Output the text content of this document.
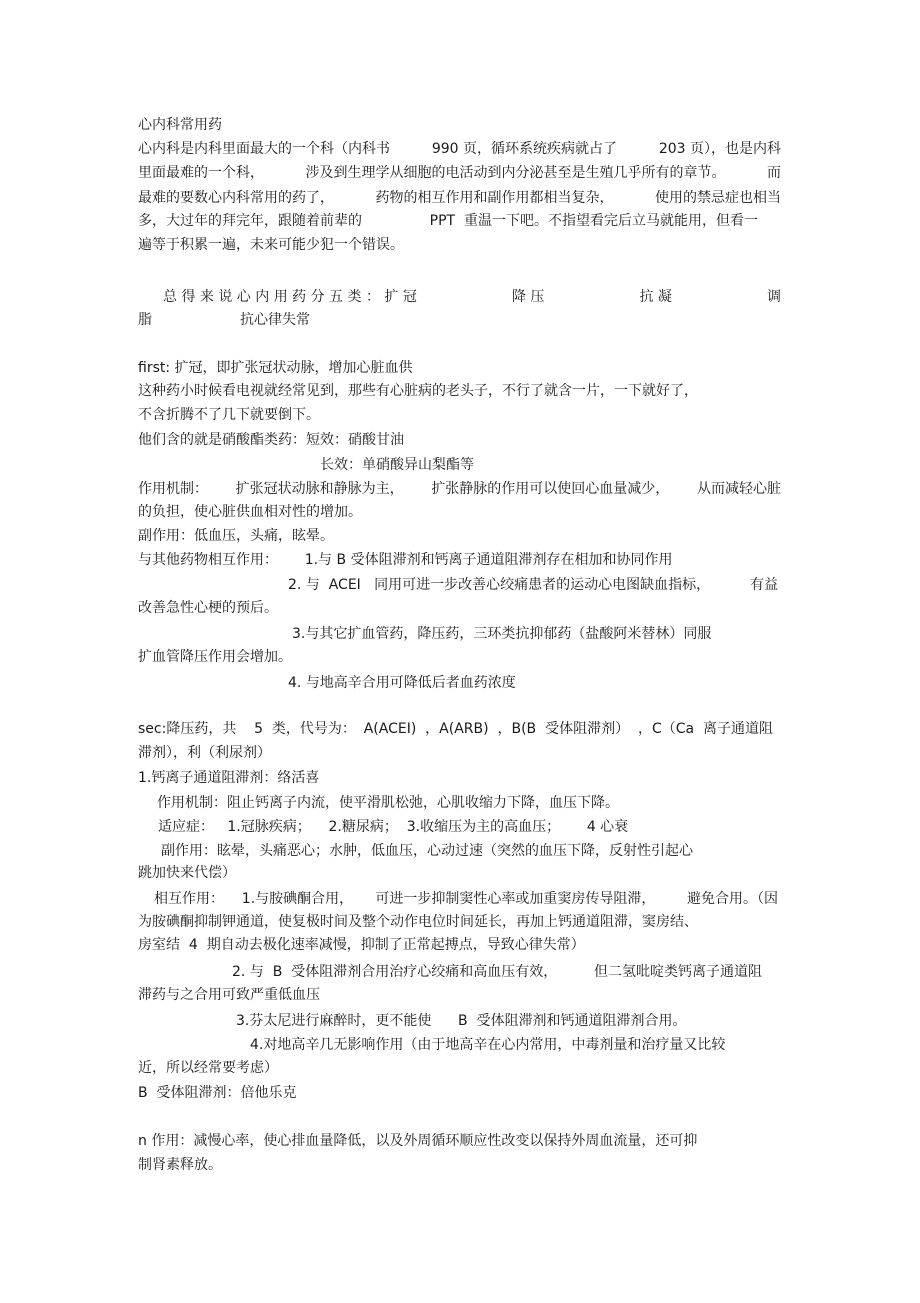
心内科常用药
心内科是内科里面最大的一个科（内科书	990 页，循环系统疾病就占了	203 页），也是内科
里面最难的一个科，	涉及到生理学从细胞的电活动到内分泌甚至是生殖几乎所有的章节。	而
最难的要数心内科常用的药了，	药物的相互作用和副作用都相当复杂，	使用的禁忌症也相当
多，大过年的拜完年，跟随着前辈的	PPT  重温一下吧。不指望看完后立马就能用，但看一
遍等于积累一遍，未来可能少犯一个错误。
总 得 来 说 心 内 用 药 分 五 类 ： 扩 冠	降 压	抗 凝	调
脂	抗心律失常
first: 扩冠，即扩张冠状动脉，增加心脏血供
这种药小时候看电视就经常见到，那些有心脏病的老头子，不行了就含一片，一下就好了，
不含折腾不了几下就要倒下。
他们含的就是硝酸酯类药：短效：硝酸甘油
长效：单硝酸异山梨酯等
作用机制： 扩张冠状动脉和静脉为主， 扩张静脉的作用可以使回心血量减少， 从而减轻心脏
的负担，使心脏供血相对性的增加。
副作用：低血压，头痛，眩晕。
与其他药物相互作用：      1.与 B 受体阻滞剂和钙离子通道阻滞剂存在相加和协同作用
2. 与  ACEI   同用可进一步改善心绞痛患者的运动心电图缺血指标，	有益
改善急性心梗的预后。
3.与其它扩血管药，降压药，三环类抗抑郁药（盐酸阿米替林）同服
扩血管降压作用会增加。
4. 与地高辛合用可降低后者血药浓度
sec:降压药，共    5  类，代号为： A(ACEI)  ，A(ARB)  ，B(B  受体阻滞剂）  ，C（Ca  离子通道阻
滞剂），利（利尿剂）
1.钙离子通道阻滞剂：络活喜
作用机制：阻止钙离子内流，使平滑肌松弛，心肌收缩力下降，血压下降。
适应症：   1.冠脉疾病；    2.糖尿病；  3.收缩压为主的高血压；      4 心衰
副作用：眩晕，头痛恶心；水肿，低血压，心动过速（突然的血压下降，反射性引起心
跳加快来代偿）
相互作用：    1.与胺碘酮合用，     可进一步抑制窦性心率或加重窦房传导阻滞， 避免合用。（因
为胺碘酮抑制钾通道，使复极时间及整个动作电位时间延长，再加上钙通道阻滞，窦房结、
房室结  4  期自动去极化速率减慢，抑制了正常起搏点，导致心律失常）
2. 与  B  受体阻滞剂合用治疗心绞痛和高血压有效，	但二氢吡啶类钙离子通道阻
滞药与之合用可致严重低血压
3.芬太尼进行麻醉时，更不能使      B  受体阻滞剂和钙通道阻滞剂合用。
4.对地高辛几无影响作用（由于地高辛在心内常用，中毒剂量和治疗量又比较
近，所以经常要考虑）
B  受体阻滞剂：倍他乐克
n 作用：减慢心率，使心排血量降低，以及外周循环顺应性改变以保持外周血流量，还可抑
制肾素释放。
